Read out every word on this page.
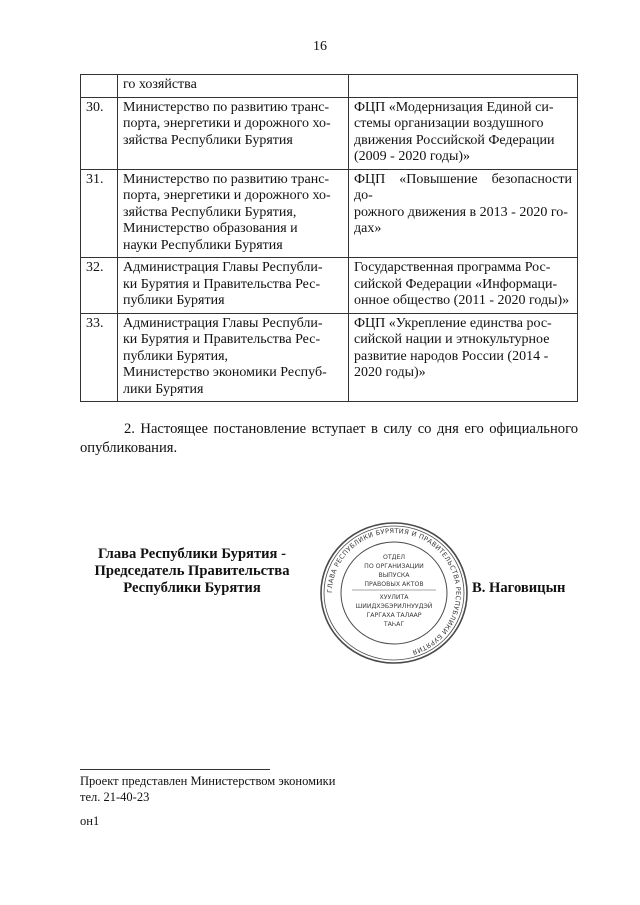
16

	го хозяйства	

30.	Министерство по развитию транс-
порта, энергетики и дорожного хо-
зяйства Республики Бурятия	ФЦП «Модернизация Единой си-
стемы организации воздушного
движения Российской Федерации
(2009 - 2020 годы)»

31.	Министерство по развитию транс-
порта, энергетики и дорожного хо-
зяйства Республики Бурятия,
Министерство образования и
науки Республики Бурятия	ФЦП «Повышение безопасности до-
рожного движения в 2013 - 2020 го-
дах»

32.	Администрация Главы Республи-
ки Бурятия и Правительства Рес-
публики Бурятия	Государственная программа Рос-
сийской Федерации «Информаци-
онное общество (2011 - 2020 годы)»

33.	Администрация Главы Республи-
ки Бурятия и Правительства Рес-
публики Бурятия,
Министерство экономики Респуб-
лики Бурятия	ФЦП «Укрепление единства рос-
сийской нации и этнокультурное
развитие народов России (2014 -
2020 годы)»
2. Настоящее постановление вступает в силу со дня его официального опубликования.
Глава Республики Бурятия -
Председатель Правительства
Республики Бурятия	ГЛАВА РЕСПУБЛИКИ БУРЯТИЯ И ПРАВИТЕЛЬСТВА РЕСПУБЛИКИ БУРЯТИЯ
ОТДЕЛ
ПО ОРГАНИЗАЦИИ
ВЫПУСКА
ПРАВОВЫХ АКТОВ
ХУУЛИТА
ШИИДХЭБЭРИЛНУУДЭЙ
ГАРГАХА ТАЛААР
ТАҺАГ
В. Наговицын
Проект представлен Министерством экономики
тел. 21-40-23
он1
